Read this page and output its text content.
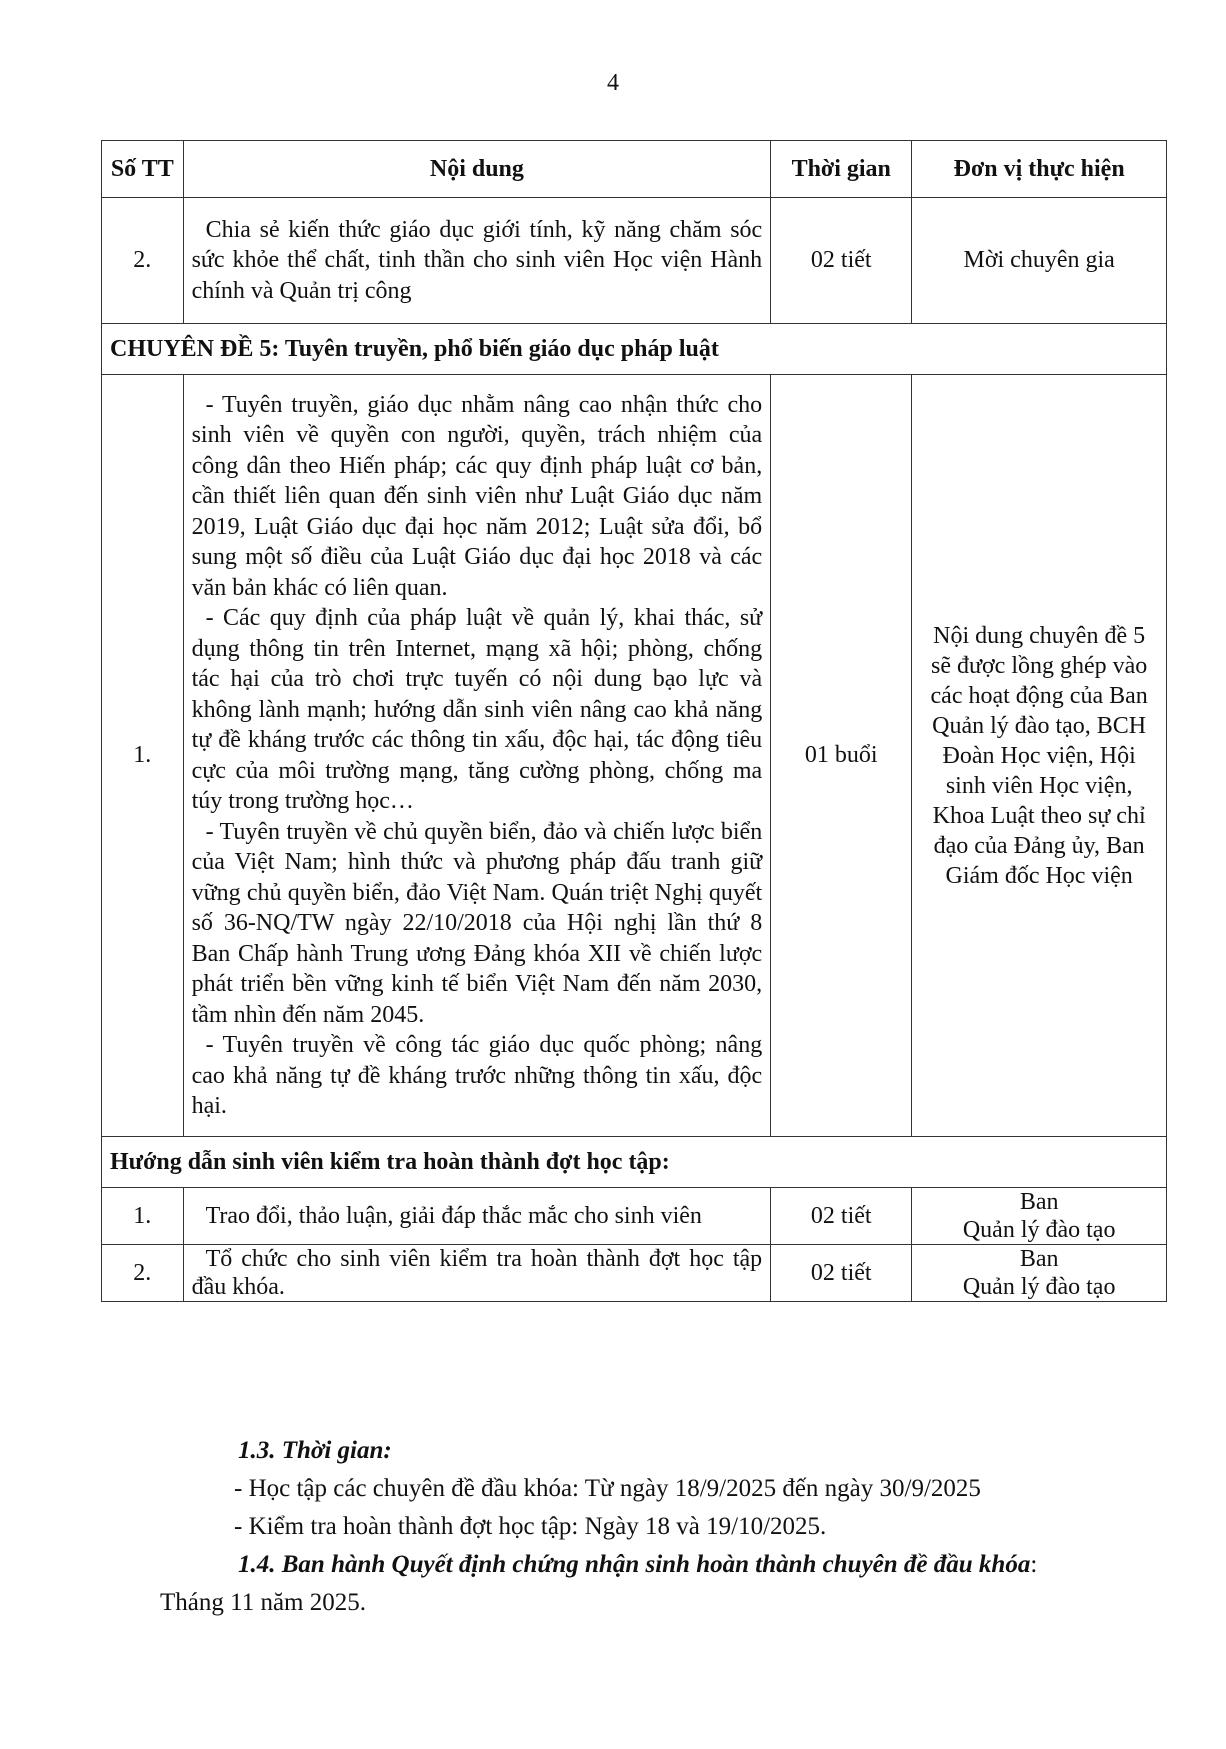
4
Số TT	Nội dung	Thời gian	Đơn vị thực hiện
2.	Chia sẻ kiến thức giáo dục giới tính, kỹ năng chăm sóc sức khỏe thể chất, tinh thần cho sinh viên Học viện Hành chính và Quản trị công	02 tiết	Mời chuyên gia
CHUYÊN ĐỀ 5: Tuyên truyền, phổ biến giáo dục pháp luật			
1.	- Tuyên truyền, giáo dục nhằm nâng cao nhận thức cho sinh viên về quyền con người, quyền, trách nhiệm của công dân theo Hiến pháp; các quy định pháp luật cơ bản, cần thiết liên quan đến sinh viên như Luật Giáo dục năm 2019, Luật Giáo dục đại học năm 2012; Luật sửa đổi, bổ sung một số điều của Luật Giáo dục đại học 2018 và các văn bản khác có liên quan.
- Các quy định của pháp luật về quản lý, khai thác, sử dụng thông tin trên Internet, mạng xã hội; phòng, chống tác hại của trò chơi trực tuyến có nội dung bạo lực và không lành mạnh; hướng dẫn sinh viên nâng cao khả năng tự đề kháng trước các thông tin xấu, độc hại, tác động tiêu cực của môi trường mạng, tăng cường phòng, chống ma túy trong trường học…
- Tuyên truyền về chủ quyền biển, đảo và chiến lược biển của Việt Nam; hình thức và phương pháp đấu tranh giữ vững chủ quyền biển, đảo Việt Nam. Quán triệt Nghị quyết số 36-NQ/TW ngày 22/10/2018 của Hội nghị lần thứ 8 Ban Chấp hành Trung ương Đảng khóa XII về chiến lược phát triển bền vững kinh tế biển Việt Nam đến năm 2030, tầm nhìn đến năm 2045.
- Tuyên truyền về công tác giáo dục quốc phòng; nâng cao khả năng tự đề kháng trước những thông tin xấu, độc hại.	01 buổi	Nội dung chuyên đề 5 sẽ được lồng ghép vào các hoạt động của Ban Quản lý đào tạo, BCH Đoàn Học viện, Hội sinh viên Học viện, Khoa Luật theo sự chỉ đạo của Đảng ủy, Ban Giám đốc Học viện
Hướng dẫn sinh viên kiểm tra hoàn thành đợt học tập:			
1.	Trao đổi, thảo luận, giải đáp thắc mắc cho sinh viên	02 tiết	Ban
Quản lý đào tạo

2.	Tổ chức cho sinh viên kiểm tra hoàn thành đợt học tập đầu khóa.	02 tiết	Ban
Quản lý đào tạo
1.3. Thời gian:
- Học tập các chuyên đề đầu khóa: Từ ngày 18/9/2025 đến ngày 30/9/2025
- Kiểm tra hoàn thành đợt học tập: Ngày 18 và 19/10/2025.
1.4. Ban hành Quyết định chứng nhận sinh hoàn thành chuyên đề đầu khóa:
Tháng 11 năm 2025.
